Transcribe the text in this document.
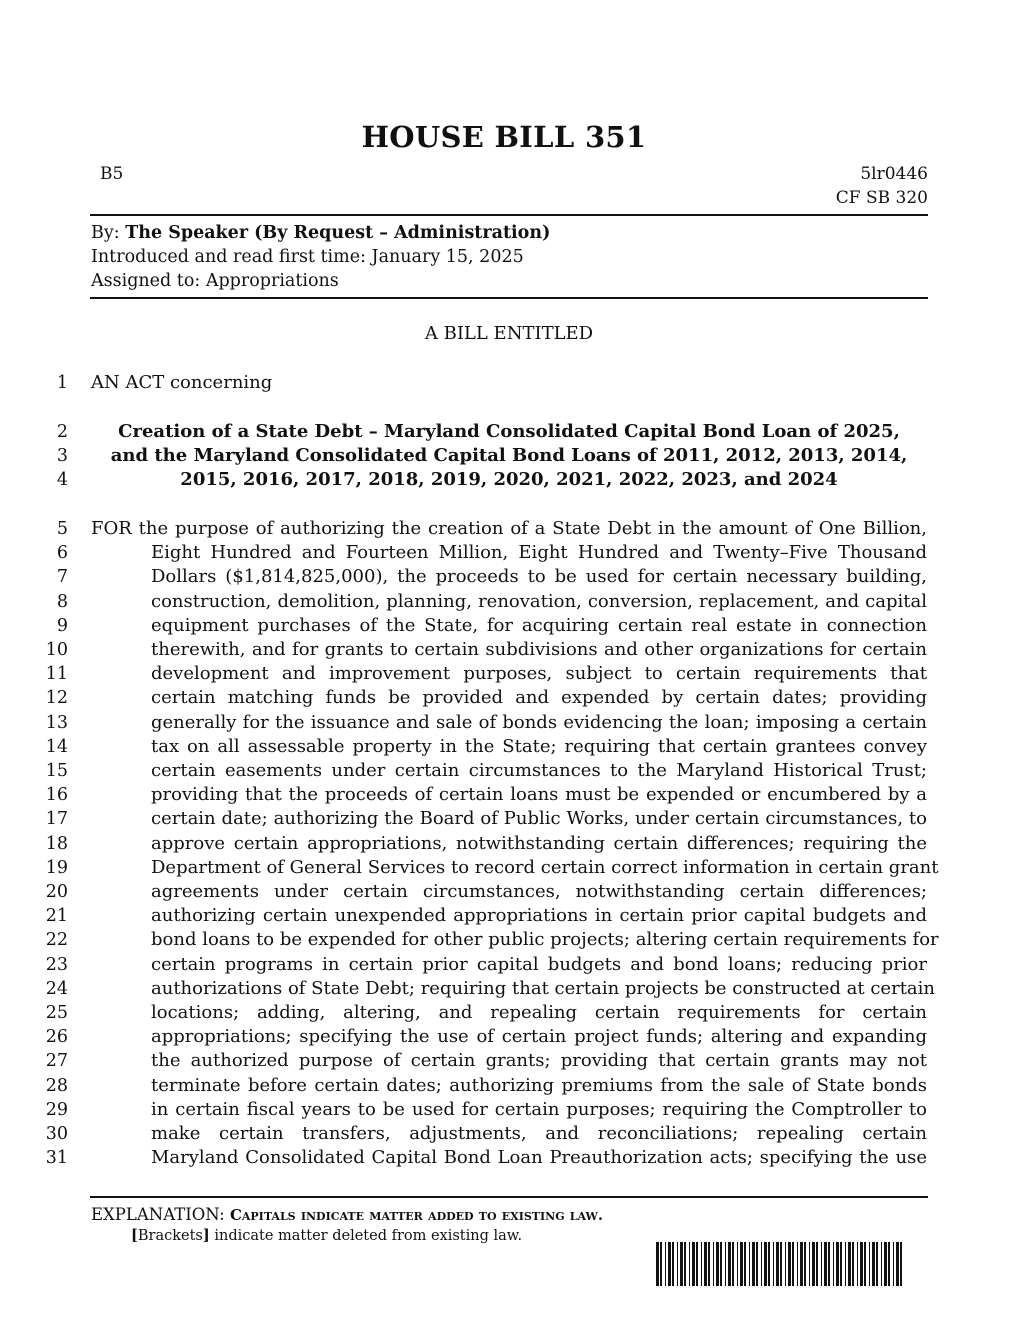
HOUSE BILL 351
B5	5lr0446
CF SB 320
By: The Speaker (By Request – Administration)
Introduced and read first time: January 15, 2025
Assigned to: Appropriations
A BILL ENTITLED
1 AN ACT concerning
2	Creation of a State Debt – Maryland Consolidated Capital Bond Loan of 2025,
3	and the Maryland Consolidated Capital Bond Loans of 2011, 2012, 2013, 2014,
4	2015, 2016, 2017, 2018, 2019, 2020, 2021, 2022, 2023, and 2024
5 FOR the purpose of authorizing the creation of a State Debt in the amount of One Billion,
6	Eight Hundred and Fourteen Million, Eight Hundred and Twenty–Five Thousand
7	Dollars ($1,814,825,000), the proceeds to be used for certain necessary building,
8	construction, demolition, planning, renovation, conversion, replacement, and capital
9	equipment purchases of the State, for acquiring certain real estate in connection
10	therewith, and for grants to certain subdivisions and other organizations for certain
11	development and improvement purposes, subject to certain requirements that
12	certain matching funds be provided and expended by certain dates; providing
13	generally for the issuance and sale of bonds evidencing the loan; imposing a certain
14	tax on all assessable property in the State; requiring that certain grantees convey
15	certain easements under certain circumstances to the Maryland Historical Trust;
16	providing that the proceeds of certain loans must be expended or encumbered by a
17	certain date; authorizing the Board of Public Works, under certain circumstances, to
18	approve certain appropriations, notwithstanding certain differences; requiring the
19	Department of General Services to record certain correct information in certain grant
20	agreements under certain circumstances, notwithstanding certain differences;
21	authorizing certain unexpended appropriations in certain prior capital budgets and
22	bond loans to be expended for other public projects; altering certain requirements for
23	certain programs in certain prior capital budgets and bond loans; reducing prior
24	authorizations of State Debt; requiring that certain projects be constructed at certain
25	locations; adding, altering, and repealing certain requirements for certain
26	appropriations; specifying the use of certain project funds; altering and expanding
27	the authorized purpose of certain grants; providing that certain grants may not
28	terminate before certain dates; authorizing premiums from the sale of State bonds
29	in certain fiscal years to be used for certain purposes; requiring the Comptroller to
30	make certain transfers, adjustments, and reconciliations; repealing certain
31	Maryland Consolidated Capital Bond Loan Preauthorization acts; specifying the use
EXPLANATION: Capitals indicate matter added to existing law.
[Brackets] indicate matter deleted from existing law.
